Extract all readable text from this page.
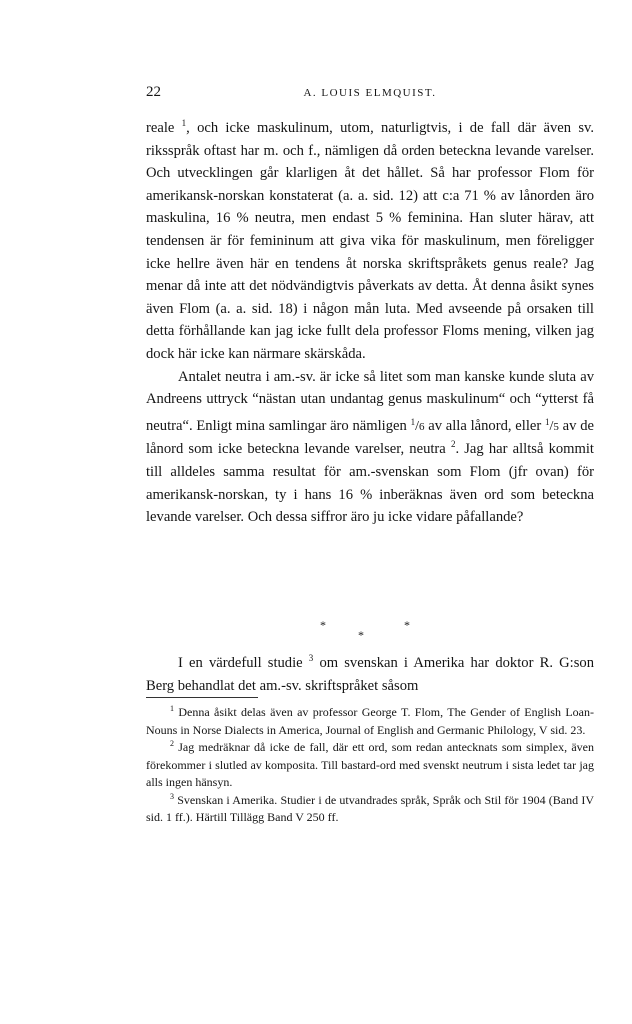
22	A. LOUIS ELMQUIST.

reale $^1$, och icke maskulinum, utom, naturligtvis, i de fall där även sv. riksspråk oftast har m. och f., nämligen då orden beteckna levande varelser. Och utvecklingen går klarligen åt det hållet. Så har professor Flom för amerikansk-norskan konstaterat (a. a. sid. 12) att c:a 71 % av lånorden äro maskulina, 16 % neutra, men endast 5 % feminina. Han sluter härav, att tendensen är för femininum att giva vika för maskulinum, men föreligger icke hellre även här en tendens åt norska skriftspråkets genus reale? Jag menar då inte att det nödvändigtvis påverkats av detta. Åt denna åsikt synes även Flom (a. a. sid. 18) i någon mån luta. Med avseende på orsaken till detta förhållande kan jag icke fullt dela professor Floms mening, vilken jag dock här icke kan närmare skärskåda.

Antalet neutra i am.-sv. är icke så litet som man kanske kunde sluta av Andreens uttryck “nästan utan undantag genus maskulinum“ och “ytterst få neutra“. Enligt mina samlingar äro nämligen $^1$/6 av alla lånord, eller $^1$/5 av de lånord som icke beteckna levande varelser, neutra $^2$. Jag har alltså kommit till alldeles samma resultat för am.-svenskan som Flom (jfr ovan) för amerikansk-norskan, ty i hans 16 % inberäknas även ord som beteckna levande varelser. Och dessa siffror äro ju icke vidare påfallande?

*
*
*

I en värdefull studie $^3$ om svenskan i Amerika har doktor R. G:son Berg behandlat det am.-sv. skriftspråket såsom

$^1$ Denna åsikt delas även av professor George T. Flom, The Gender of English Loan-Nouns in Norse Dialects in America, Journal of English and Germanic Philology, V sid. 23.

$^2$ Jag medräknar då icke de fall, där ett ord, som redan antecknats som simplex, även förekommer i slutled av komposita. Till bastard-ord med svenskt neutrum i sista ledet tar jag alls ingen hänsyn.

$^3$ Svenskan i Amerika. Studier i de utvandrades språk, Språk och Stil för 1904 (Band IV sid. 1 ff.). Härtill Tillägg Band V 250 ff.
